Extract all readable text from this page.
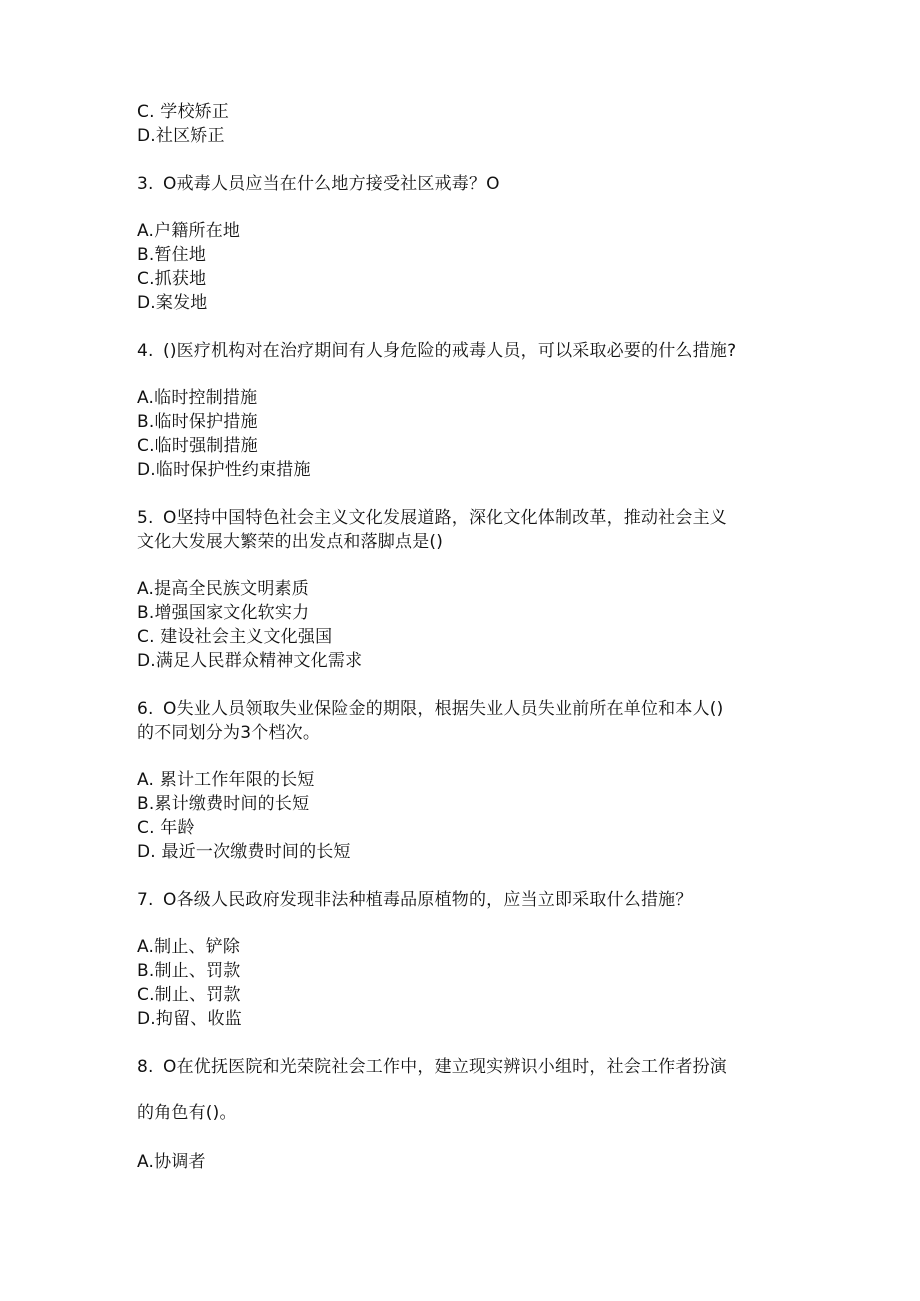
C. 学校矫正
D.社区矫正
3. O戒毒人员应当在什么地方接受社区戒毒？O
A.户籍所在地
B.暂住地
C.抓获地
D.案发地
4. ()医疗机构对在治疗期间有人身危险的戒毒人员，可以采取必要的什么措施?
A.临时控制措施
B.临时保护措施
C.临时强制措施
D.临时保护性约束措施
5. O坚持中国特色社会主义文化发展道路，深化文化体制改革，推动社会主义
文化大发展大繁荣的出发点和落脚点是()
A.提高全民族文明素质
B.增强国家文化软实力
C. 建设社会主义文化强国
D.满足人民群众精神文化需求
6. O失业人员领取失业保险金的期限，根据失业人员失业前所在单位和本人()
的不同划分为3个档次。
A. 累计工作年限的长短
B.累计缴费时间的长短
C. 年龄
D. 最近一次缴费时间的长短
7. O各级人民政府发现非法种植毒品原植物的，应当立即采取什么措施？
A.制止、铲除
B.制止、罚款
C.制止、罚款
D.拘留、收监
8. O在优抚医院和光荣院社会工作中，建立现实辨识小组时，社会工作者扮演
的角色有()。
A.协调者
